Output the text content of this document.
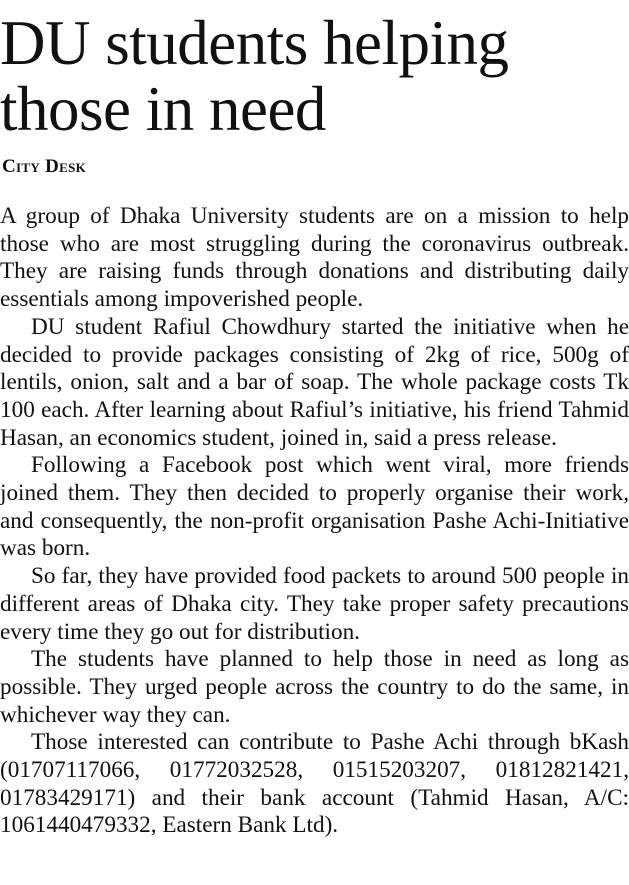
DU students helping those in need
City Desk

A group of Dhaka University students are on a mission to help those who are most struggling during the coronavirus outbreak. They are raising funds through donations and distributing daily essentials among impoverished people.

DU student Rafiul Chowdhury started the initiative when he decided to provide packages consisting of 2kg of rice, 500g of lentils, onion, salt and a bar of soap. The whole package costs Tk 100 each. After learning about Rafiul’s initiative, his friend Tahmid Hasan, an economics student, joined in, said a press release.

Following a Facebook post which went viral, more friends joined them. They then decided to properly organise their work, and consequently, the non-profit organisation Pashe Achi-Initiative was born.

So far, they have provided food packets to around 500 people in different areas of Dhaka city. They take proper safety precautions every time they go out for distribution.

The students have planned to help those in need as long as possible. They urged people across the country to do the same, in whichever way they can.

Those interested can contribute to Pashe Achi through bKash (01707117066, 01772032528, 01515203207, 01812821421, 01783429171) and their bank account (Tahmid Hasan, A/C: 1061440479332, Eastern Bank Ltd).
